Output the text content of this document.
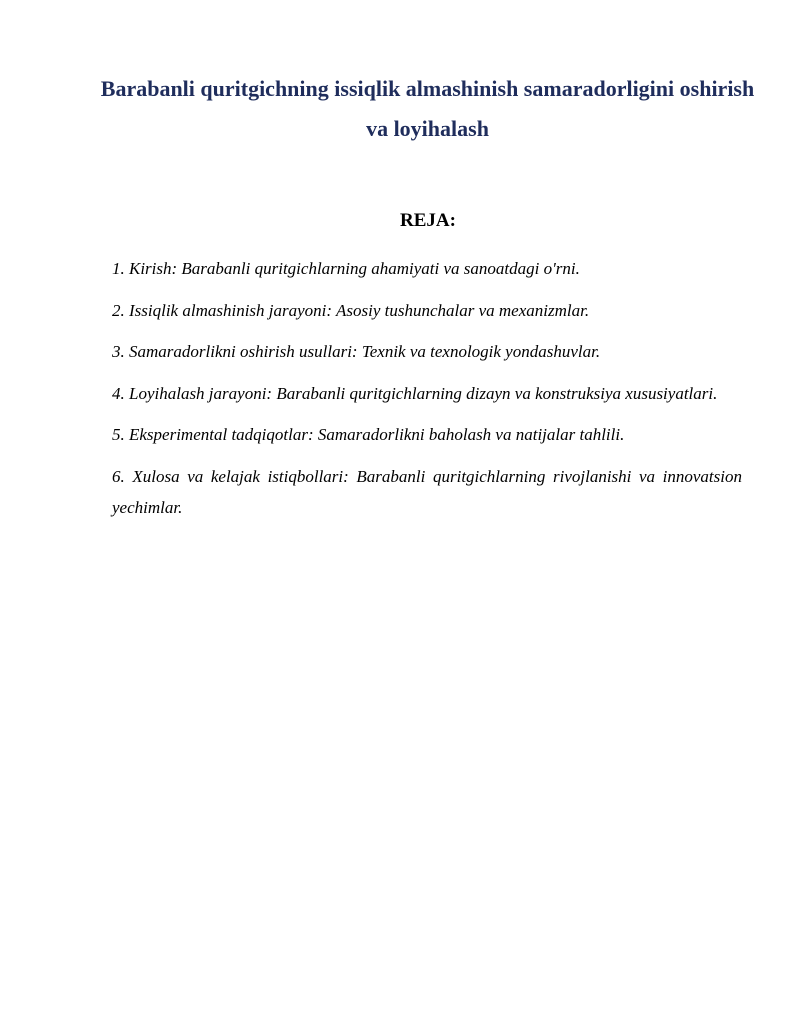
Barabanli quritgichning issiqlik almashinish samaradorligini oshirish va loyihalash
REJA:
1. Kirish: Barabanli quritgichlarning ahamiyati va sanoatdagi o'rni.
2. Issiqlik almashinish jarayoni: Asosiy tushunchalar va mexanizmlar.
3. Samaradorlikni oshirish usullari: Texnik va texnologik yondashuvlar.
4. Loyihalash jarayoni: Barabanli quritgichlarning dizayn va konstruksiya xususiyatlari.
5. Eksperimental tadqiqotlar: Samaradorlikni baholash va natijalar tahlili.
6. Xulosa va kelajak istiqbollari: Barabanli quritgichlarning rivojlanishi va innovatsion yechimlar.
